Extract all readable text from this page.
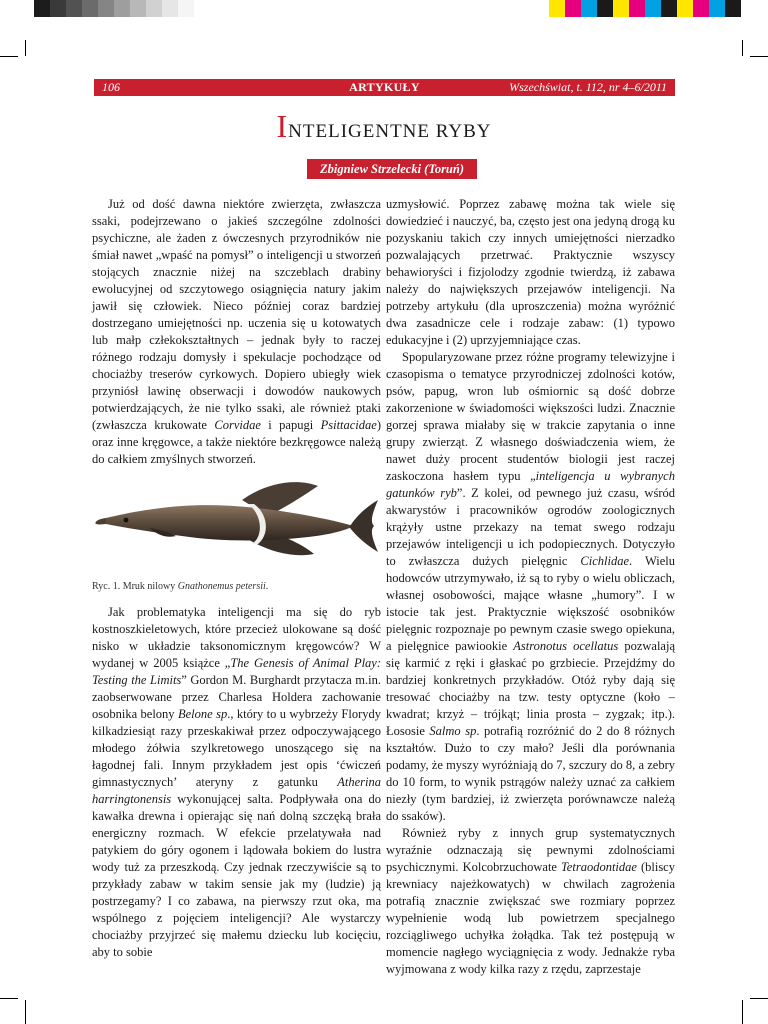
106	ARTYKUŁY	Wszechświat, t. 112, nr 4–6/2011
INTELIGENTNE RYBY
Zbigniew Strzelecki (Toruń)

Już od dość dawna niektóre zwierzęta, zwłaszcza ssaki, podejrzewano o jakieś szczególne zdolności psychiczne, ale żaden z ówczesnych przyrodników nie śmiał nawet „wpaść na pomysł” o inteligencji u stworzeń stojących znacznie niżej na szczeblach drabiny ewolucyjnej od szczytowego osiągnięcia natury jakim jawił się człowiek. Nieco później coraz bardziej dostrzegano umiejętności np. uczenia się u kotowatych lub małp człekokształtnych – jednak były to raczej różnego rodzaju domysły i spekulacje pochodzące od chociażby treserów cyrkowych. Dopiero ubiegły wiek przyniósł lawinę obserwacji i dowodów naukowych potwierdzających, że nie tylko ssaki, ale również ptaki (zwłaszcza krukowate Corvidae i papugi Psittacidae) oraz inne kręgowce, a także niektóre bezkręgowce należą do całkiem zmyślnych stworzeń.

Ryc. 1. Mruk nilowy Gnathonemus petersii.

Jak problematyka inteligencji ma się do ryb kostnoszkieletowych, które przecież ulokowane są dość nisko w układzie taksonomicznym kręgowców? W wydanej w 2005 książce „The Genesis of Animal Play: Testing the Limits” Gordon M. Burghardt przytacza m.in. zaobserwowane przez Charlesa Holdera zachowanie osobnika belony Belone sp., który to u wybrzeży Florydy kilkadziesiąt razy przeskakiwał przez odpoczywającego młodego żółwia szylkretowego unoszącego się na łagodnej fali. Innym przykładem jest opis ‘ćwiczeń gimnastycznych’ ateryny z gatunku Atherina harringtonensis wykonującej salta. Podpływała ona do kawałka drewna i opierając się nań dolną szczęką brała energiczny rozmach. W efekcie przelatywała nad patykiem do góry ogonem i lądowała bokiem do lustra wody tuż za przeszkodą. Czy jednak rzeczywiście są to przykłady zabaw w takim sensie jak my (ludzie) ją postrzegamy? I co zabawa, na pierwszy rzut oka, ma wspólnego z pojęciem inteligencji? Ale wystarczy chociażby przyjrzeć się małemu dziecku lub kocięciu, aby to sobie

uzmysłowić. Poprzez zabawę można tak wiele się dowiedzieć i nauczyć, ba, często jest ona jedyną drogą ku pozyskaniu takich czy innych umiejętności nierzadko pozwalających przetrwać. Praktycznie wszyscy behawioryści i fizjolodzy zgodnie twierdzą, iż zabawa należy do największych przejawów inteligencji. Na potrzeby artykułu (dla uproszczenia) można wyróżnić dwa zasadnicze cele i rodzaje zabaw: (1) typowo edukacyjne i (2) uprzyjemniające czas.

Spopularyzowane przez różne programy telewizyjne i czasopisma o tematyce przyrodniczej zdolności kotów, psów, papug, wron lub ośmiornic są dość dobrze zakorzenione w świadomości większości ludzi. Znacznie gorzej sprawa miałaby się w trakcie zapytania o inne grupy zwierząt. Z własnego doświadczenia wiem, że nawet duży procent studentów biologii jest raczej zaskoczona hasłem typu „inteligencja u wybranych gatunków ryb”. Z kolei, od pewnego już czasu, wśród akwarystów i pracowników ogrodów zoologicznych krążyły ustne przekazy na temat swego rodzaju przejawów inteligencji u ich podopiecznych. Dotyczyło to zwłaszcza dużych pielęgnic Cichlidae. Wielu hodowców utrzymywało, iż są to ryby o wielu obliczach, własnej osobowości, mające własne „humory”. I w istocie tak jest. Praktycznie większość osobników pielęgnic rozpoznaje po pewnym czasie swego opiekuna, a pielęgnice pawiookie Astronotus ocellatus pozwalają się karmić z ręki i głaskać po grzbiecie. Przejdźmy do bardziej konkretnych przykładów. Otóż ryby dają się tresować chociażby na tzw. testy optyczne (koło – kwadrat; krzyż – trójkąt; linia prosta – zygzak; itp.). Łososie Salmo sp. potrafią rozróżnić do 2 do 8 różnych kształtów. Dużo to czy mało? Jeśli dla porównania podamy, że myszy wyróżniają do 7, szczury do 8, a zebry do 10 form, to wynik pstrągów należy uznać za całkiem niezły (tym bardziej, iż zwierzęta porównawcze należą do ssaków).

Również ryby z innych grup systematycznych wyraźnie odznaczają się pewnymi zdolnościami psychicznymi. Kolcobrzuchowate Tetraodontidae (bliscy krewniacy najeżkowatych) w chwilach zagrożenia potrafią znacznie zwiększać swe rozmiary poprzez wypełnienie wodą lub powietrzem specjalnego rozciągliwego uchyłka żołądka. Tak też postępują w momencie nagłego wyciągnięcia z wody. Jednakże ryba wyjmowana z wody kilka razy z rzędu, zaprzestaje
